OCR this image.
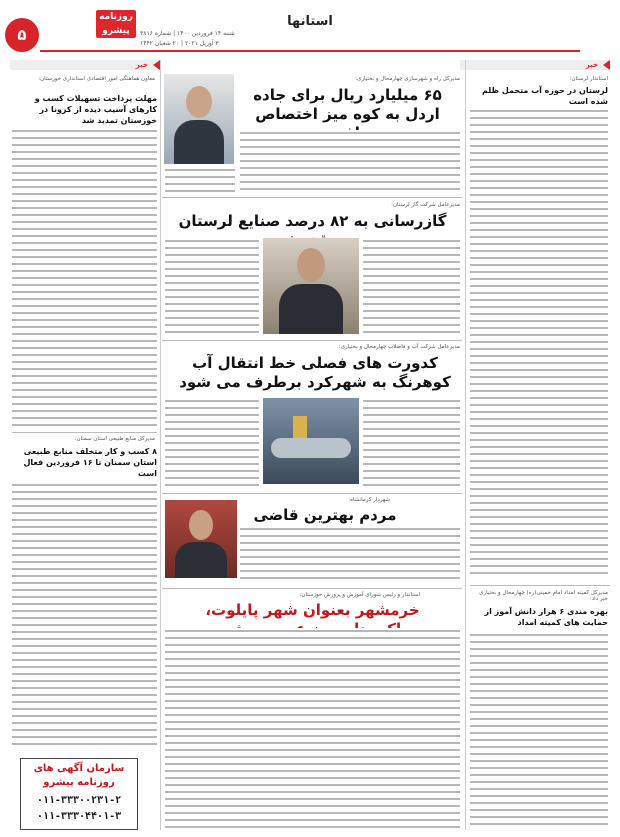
۵
استانها
روزنامه پیشرو	شنبه ۱۴ فروردین ۱۴۰۰ | شماره ۳۸۱۶
۳ آوریل ۲۰۲۱ | ۲۰ شعبان ۱۴۴۲
خبر
خبر
استاندار لرستان:
لرستان در حوزه آب متحمل ظلم شده است
مدیرکل کمیته امداد امام خمینی(ره) چهارمحال و بختیاری خبر داد:
بهره مندی ۶ هزار دانش آموز از حمایت های کمیته امداد
مدیرکل راه و شهرسازی چهارمحال و بختیاری:
۶۵ میلیارد ریال برای جاده اردل به کوه میز اختصاص
معاون هماهنگی امور اقتصادی استانداری خوزستان:
مهلت پرداخت تسهیلات کسب و کارهای آسیب دیده از کرونا در خوزستان تمدید شد
مدیرکل منابع طبیعی استان سمنان:
۸ کسب و کار متخلف منابع طبیعی استان سمنان تا ۱۶ فروردین فعال است
مدیرعامل شرکت گاز لرستان:
گازرسانی به ۸۲ درصد صنایع لرستان
مدیرعامل شرکت آب و فاضلاب چهارمحال و بختیاری:
کدورت های فصلی خط انتقال آب کوهرنگ به شهرکرد برطرف می شود
شهردار کرمانشاه:
مردم بهترین قاضی
استاندار و رئیس شورای آموزش و پرورش خوزستان:
خرمشهر بعنوان شهر پایلوت،
سازمان آگهی های
روزنامه پیشرو
۰۱۱-۳۳۳۰۰۲۳۱-۲
۰۱۱-۳۳۳۰۴۴۰۱-۳
